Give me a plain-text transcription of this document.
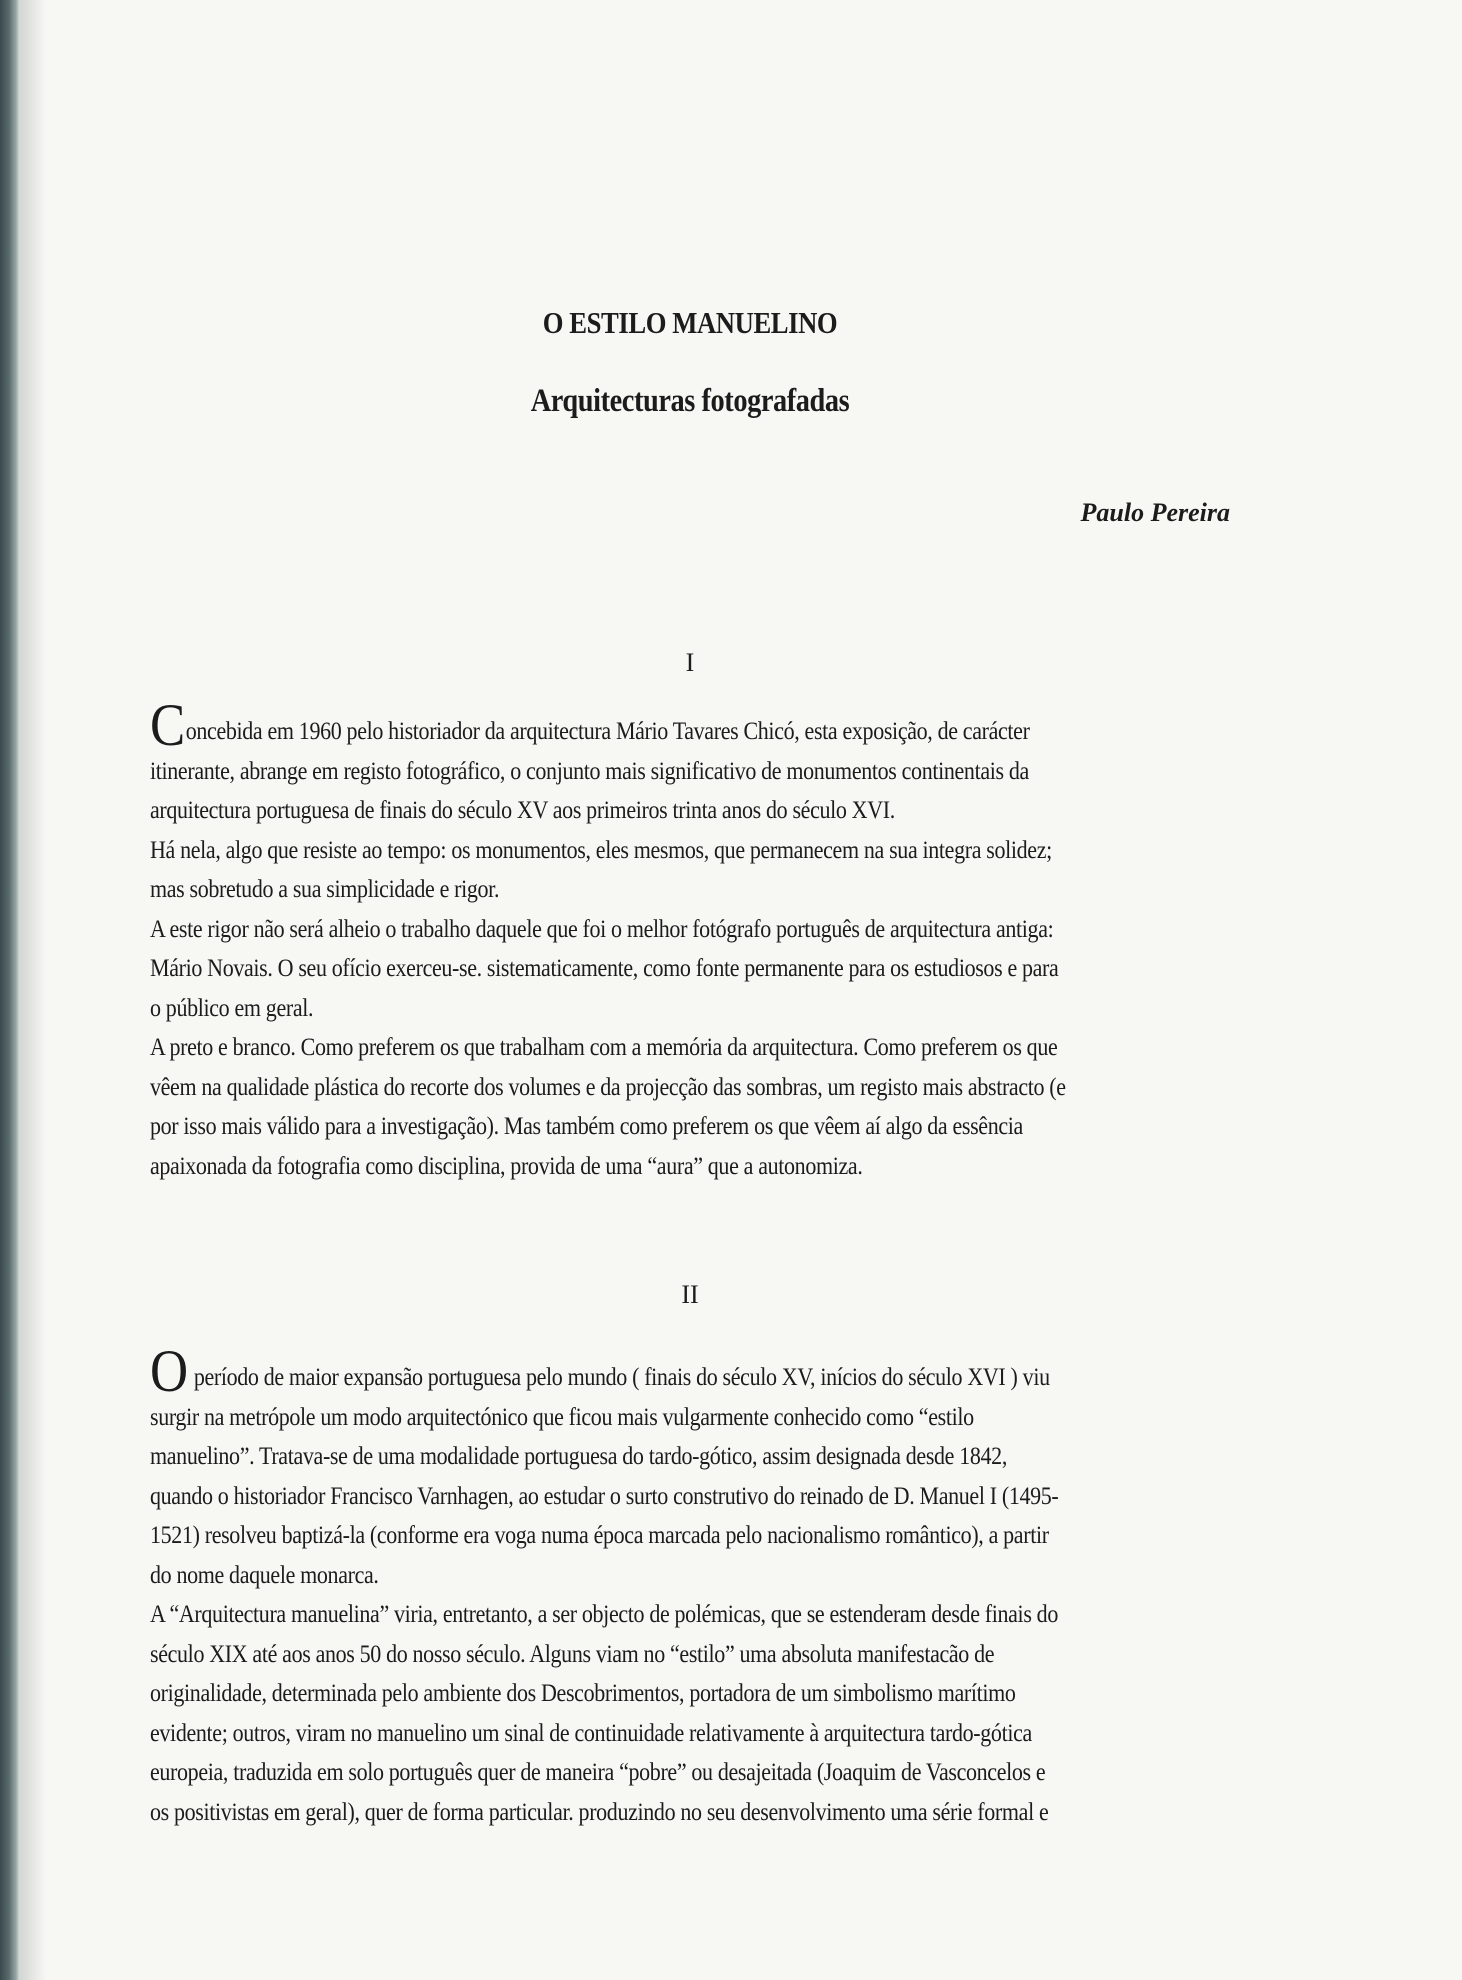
O ESTILO MANUELINO
Arquitecturas fotografadas
Paulo Pereira
I

Concebida em 1960 pelo historiador da arquitectura Mário Tavares Chicó, esta exposição, de carácter

itinerante, abrange em registo fotográfico, o conjunto mais significativo de monumentos continentais da

arquitectura portuguesa de finais do século XV aos primeiros trinta anos do século XVI.

Há nela, algo que resiste ao tempo: os monumentos, eles mesmos, que permanecem na sua integra solidez;

mas sobretudo a sua simplicidade e rigor.

A este rigor não será alheio o trabalho daquele que foi o melhor fotógrafo português de arquitectura antiga:

Mário Novais. O seu ofício exerceu-se. sistematicamente, como fonte permanente para os estudiosos e para

o público em geral.

A preto e branco. Como preferem os que trabalham com a memória da arquitectura. Como preferem os que

vêem na qualidade plástica do recorte dos volumes e da projecção das sombras, um registo mais abstracto (e

por isso mais válido para a investigação). Mas também como preferem os que vêem aí algo da essência

apaixonada da fotografia como disciplina, provida de uma “aura” que a autonomiza.

II

O período de maior expansão portuguesa pelo mundo ( finais do século XV, inícios do século XVI ) viu

surgir na metrópole um modo arquitectónico que ficou mais vulgarmente conhecido como “estilo

manuelino”. Tratava-se de uma modalidade portuguesa do tardo-gótico, assim designada desde 1842,

quando o historiador Francisco Varnhagen, ao estudar o surto construtivo do reinado de D. Manuel I (1495-

1521) resolveu baptizá-la (conforme era voga numa época marcada pelo nacionalismo romântico), a partir

do nome daquele monarca.

A “Arquitectura manuelina” viria, entretanto, a ser objecto de polémicas, que se estenderam desde finais do

século XIX até aos anos 50 do nosso século. Alguns viam no “estilo” uma absoluta manifestacão de

originalidade, determinada pelo ambiente dos Descobrimentos, portadora de um simbolismo marítimo

evidente; outros, viram no manuelino um sinal de continuidade relativamente à arquitectura tardo-gótica

europeia, traduzida em solo português quer de maneira “pobre” ou desajeitada (Joaquim de Vasconcelos e

os positivistas em geral), quer de forma particular. produzindo no seu desenvolvimento uma série formal e
